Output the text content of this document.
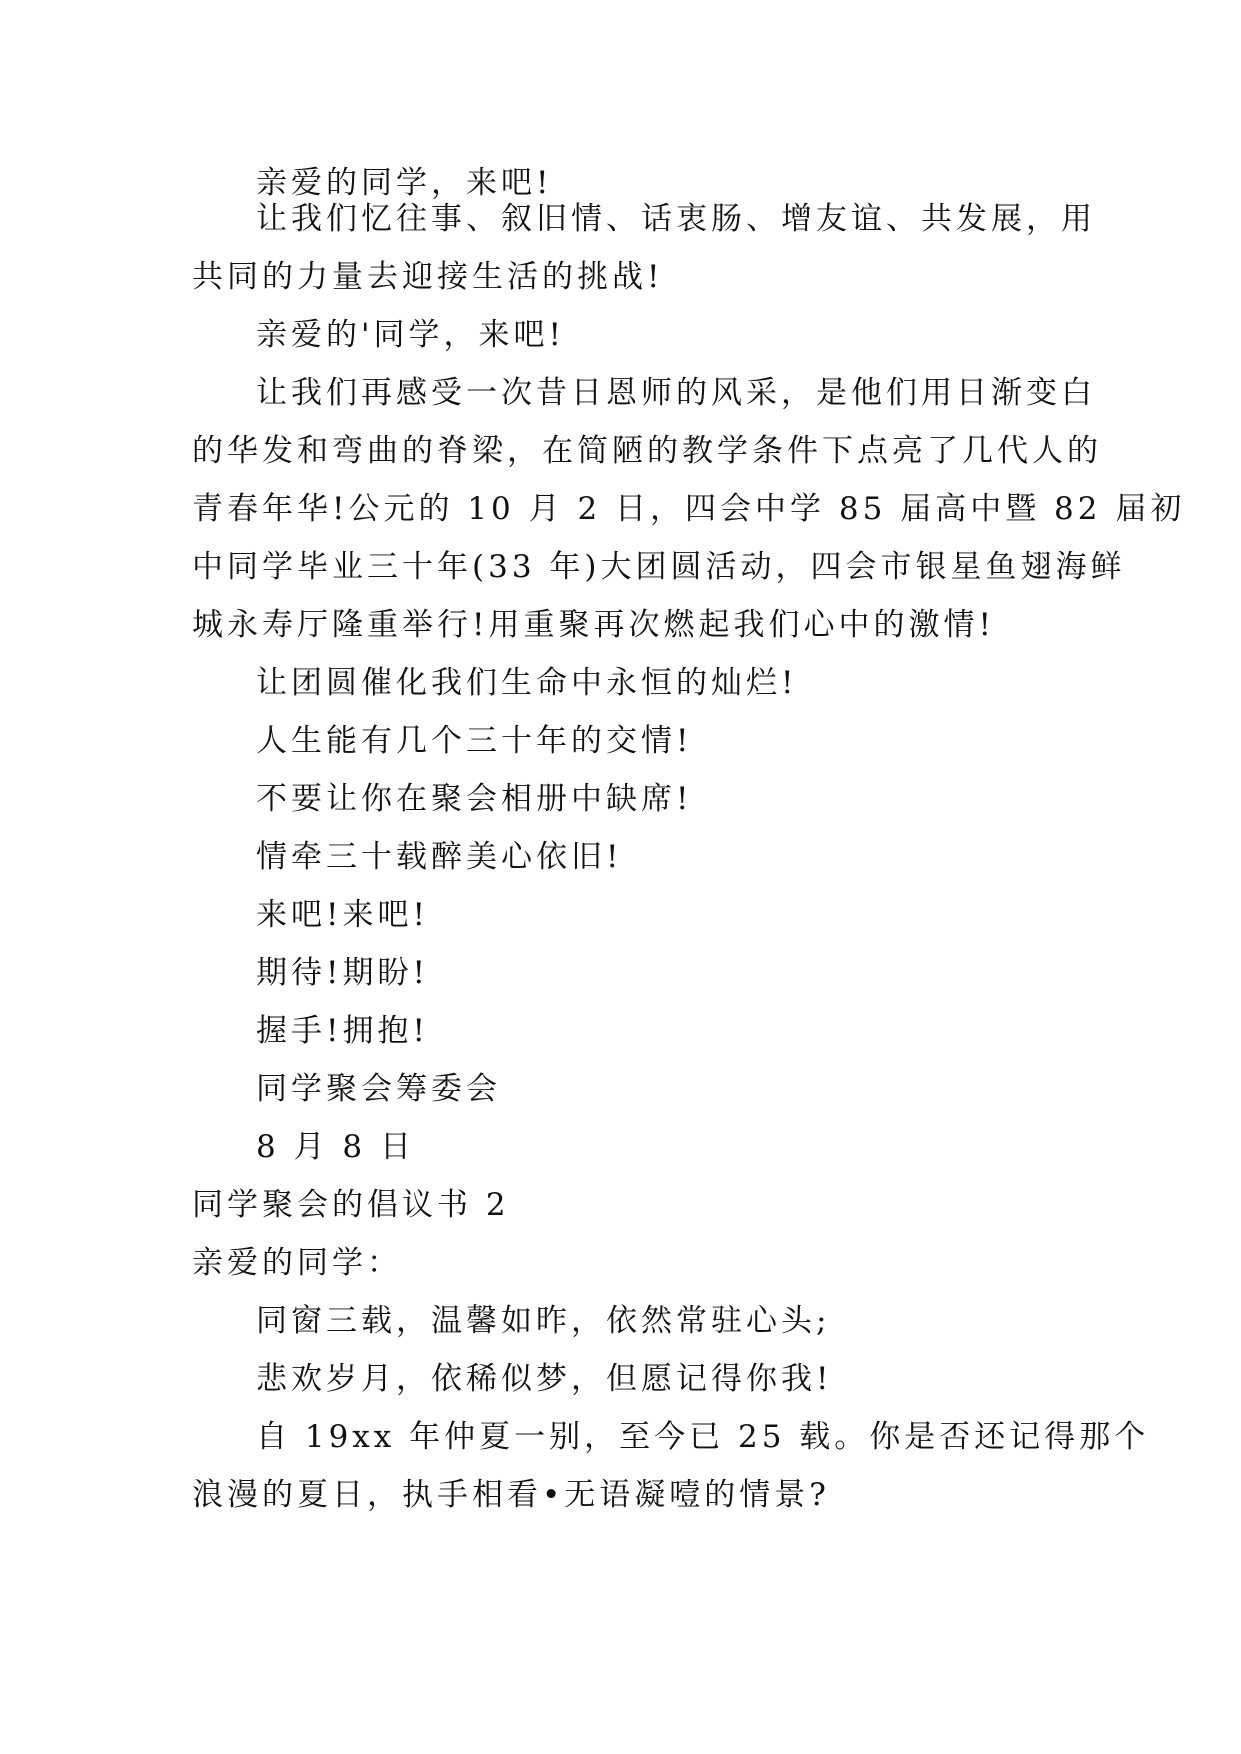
亲爱的同学，来吧!

让我们忆往事、叙旧情、话衷肠、增友谊、共发展，用
共同的力量去迎接生活的挑战!

亲爱的'同学，来吧!

让我们再感受一次昔日恩师的风采，是他们用日渐变白
的华发和弯曲的脊梁，在简陋的教学条件下点亮了几代人的
青春年华!公元的 10 月 2 日，四会中学 85 届高中暨 82 届初
中同学毕业三十年(33 年)大团圆活动，四会市银星鱼翅海鲜
城永寿厅隆重举行!用重聚再次燃起我们心中的激情!

让团圆催化我们生命中永恒的灿烂!

人生能有几个三十年的交情!

不要让你在聚会相册中缺席!

情牵三十载醉美心依旧!

来吧!来吧!

期待!期盼!

握手!拥抱!

同学聚会筹委会

8 月 8 日

同学聚会的倡议书 2

亲爱的同学：

同窗三载，温馨如昨，依然常驻心头;

悲欢岁月，依稀似梦，但愿记得你我!

自 19xx 年仲夏一别，至今已 25 载。你是否还记得那个
浪漫的夏日，执手相看•无语凝噎的情景?
